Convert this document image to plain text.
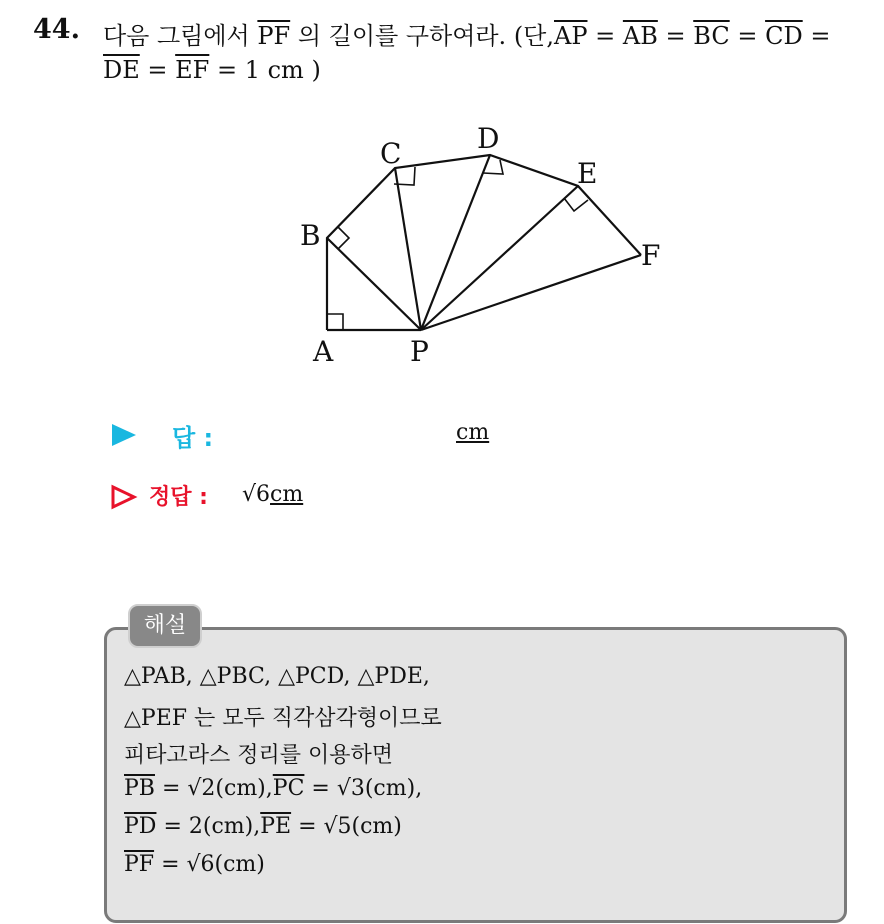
44. 다음 그림에서 $\overline{PF}$ 의 길이를 구하여라. (단$,\overline{AP} = \overline{AB} = \overline{BC} = \overline{CD}$ =
$\overline{DE} = \overline{EF} = 1$ cm )
A
B
C	D
E
F
P
답 :	cm
정답 : √6cm
해설
△PAB, △PBC, △PCD, △PDE,
△PEF 는 모두 직각삼각형이므로
피타고라스 정리를 이용하면
$\overline{PB} = √2(cm),\overline{PC} = √3(cm)$,
$\overline{PD} = 2(cm),\overline{PE} = √5(cm)$
$\overline{PF} = √6(cm)$
